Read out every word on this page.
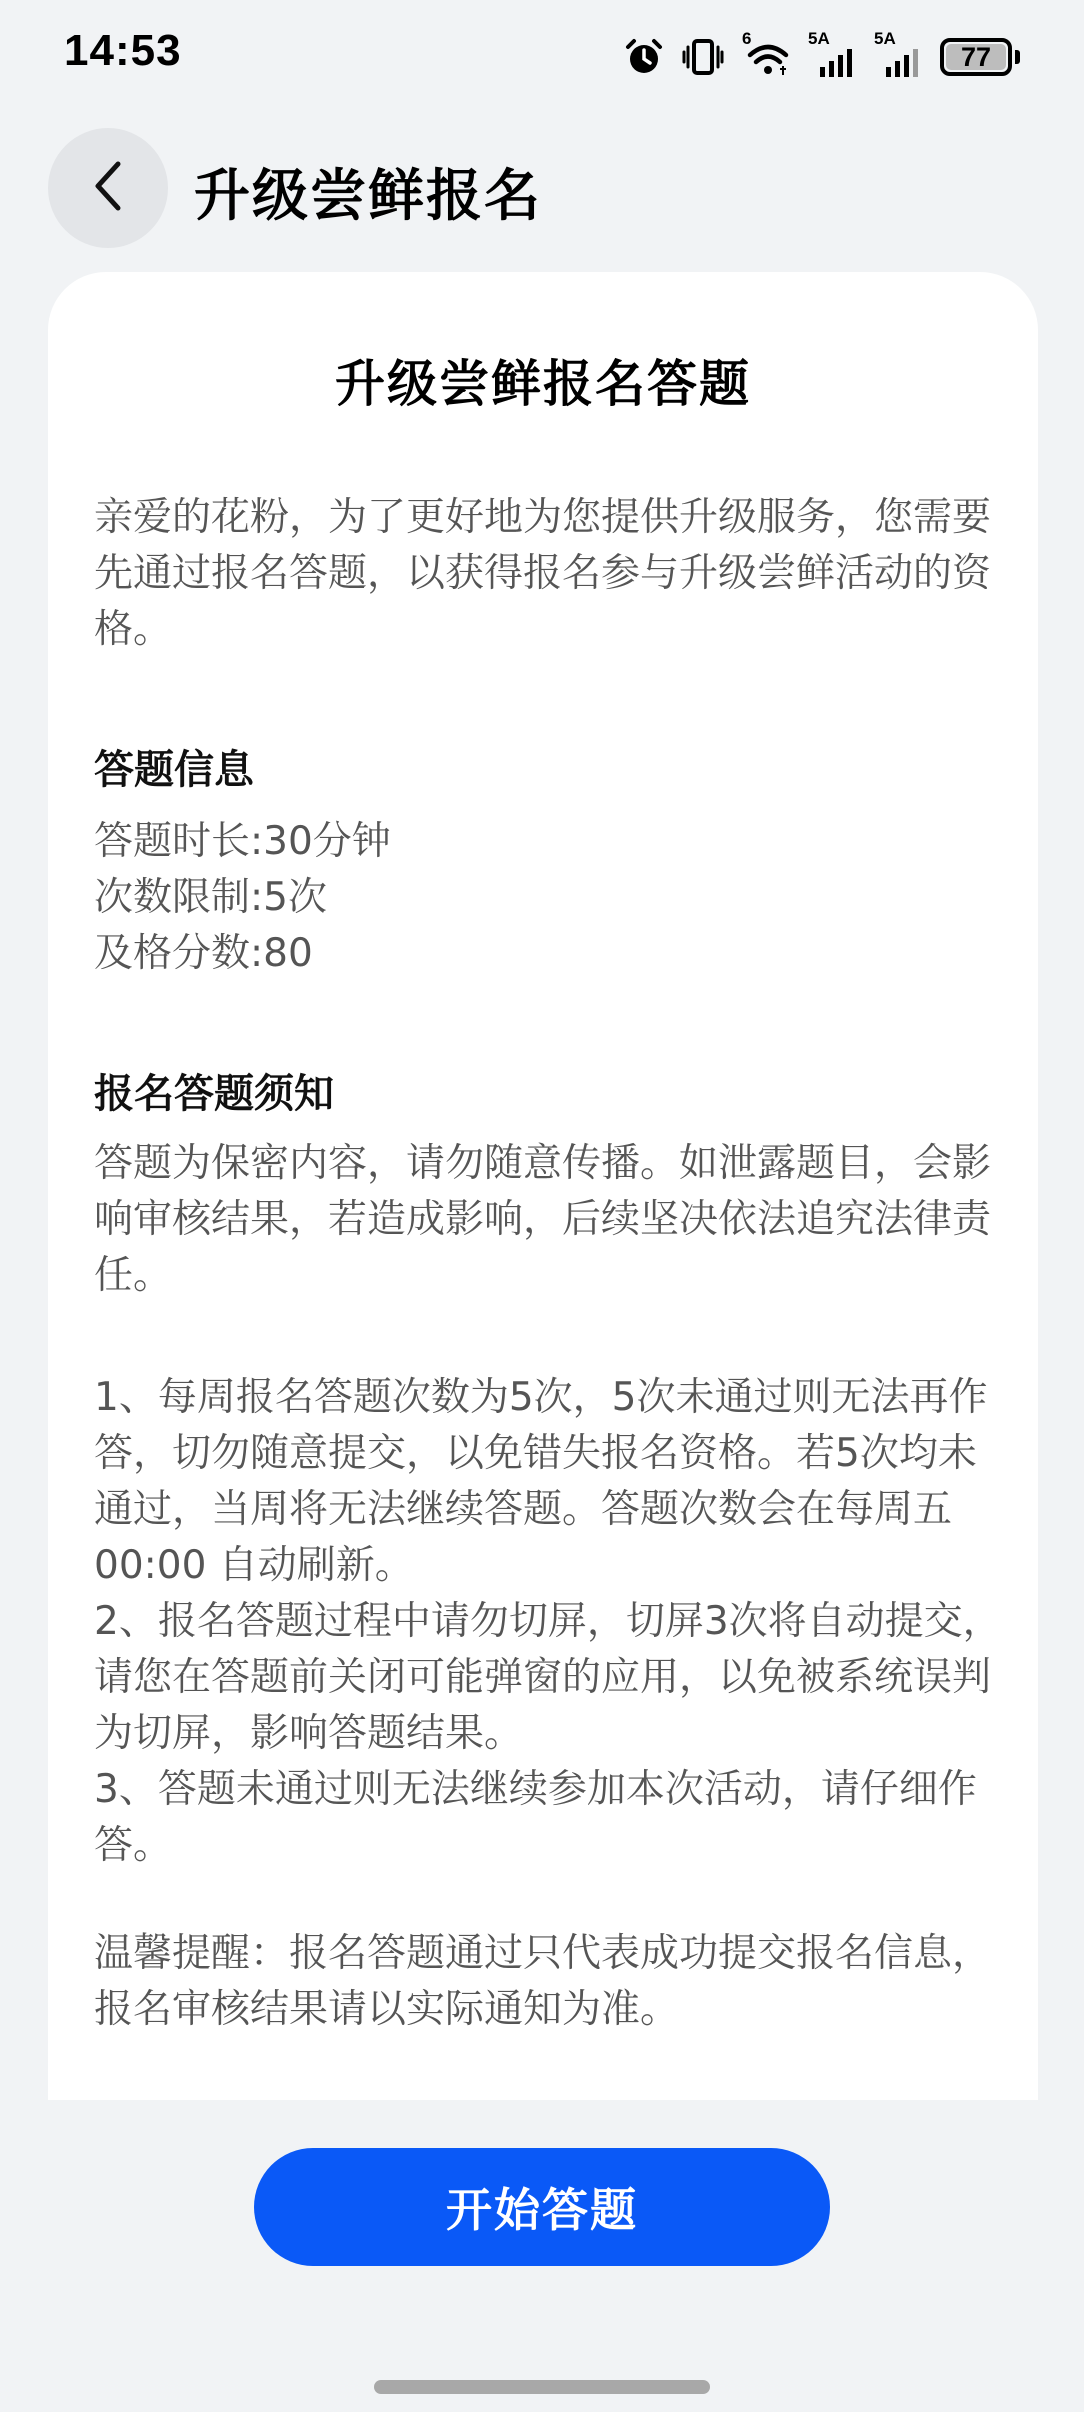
14:53	6	5A	5A
77
升级尝鲜报名
升级尝鲜报名答题
亲爱的花粉，为了更好地为您提供升级服务，您需要先通过报名答题，以获得报名参与升级尝鲜活动的资格。
答题信息
答题时长:30分钟
次数限制:5次
及格分数:80
报名答题须知
答题为保密内容，请勿随意传播。如泄露题目，会影响审核结果，若造成影响，后续坚决依法追究法律责任。
1、每周报名答题次数为5次，5次未通过则无法再作答，切勿随意提交，以免错失报名资格。若5次均未通过，当周将无法继续答题。答题次数会在每周五 00:00 自动刷新。
2、报名答题过程中请勿切屏，切屏3次将自动提交，请您在答题前关闭可能弹窗的应用，以免被系统误判为切屏，影响答题结果。
3、答题未通过则无法继续参加本次活动，请仔细作答。
温馨提醒：报名答题通过只代表成功提交报名信息，报名审核结果请以实际通知为准。
开始答题
